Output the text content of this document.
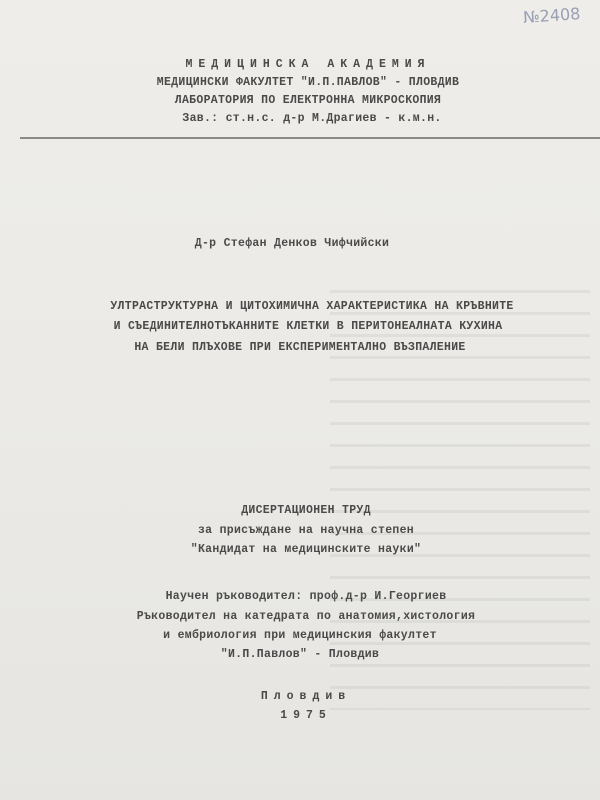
№2408
МЕДИЦИНСКА АКАДЕМИЯ
МЕДИЦИНСКИ ФАКУЛТЕТ "И.П.ПАВЛОВ" - ПЛОВДИВ
ЛАБОРАТОРИЯ ПО ЕЛЕКТРОННА МИКРОСКОПИЯ
Зав.: ст.н.с. д-р М.Драгиев - к.м.н.
Д-р Стефан Денков Чифчийски
УЛТРАСТРУКТУРНА И ЦИТОХИМИЧНА ХАРАКТЕРИСТИКА НА КРЪВНИТЕ
И СЪЕДИНИТЕЛНОТЪКАННИТЕ КЛЕТКИ В ПЕРИТОНЕАЛНАТА КУХИНА
НА БЕЛИ ПЛЪХОВЕ ПРИ ЕКСПЕРИМЕНТАЛНО ВЪЗПАЛЕНИЕ
ДИСЕРТАЦИОНЕН ТРУД
за присъждане на научна степен
"Кандидат на медицинските науки"
Научен ръководител: проф.д-р И.Георгиев
Ръководител на катедрата по анатомия,хистология
и ембриология при медицинския факултет
"И.П.Павлов" - Пловдив
Пловдив
1975
